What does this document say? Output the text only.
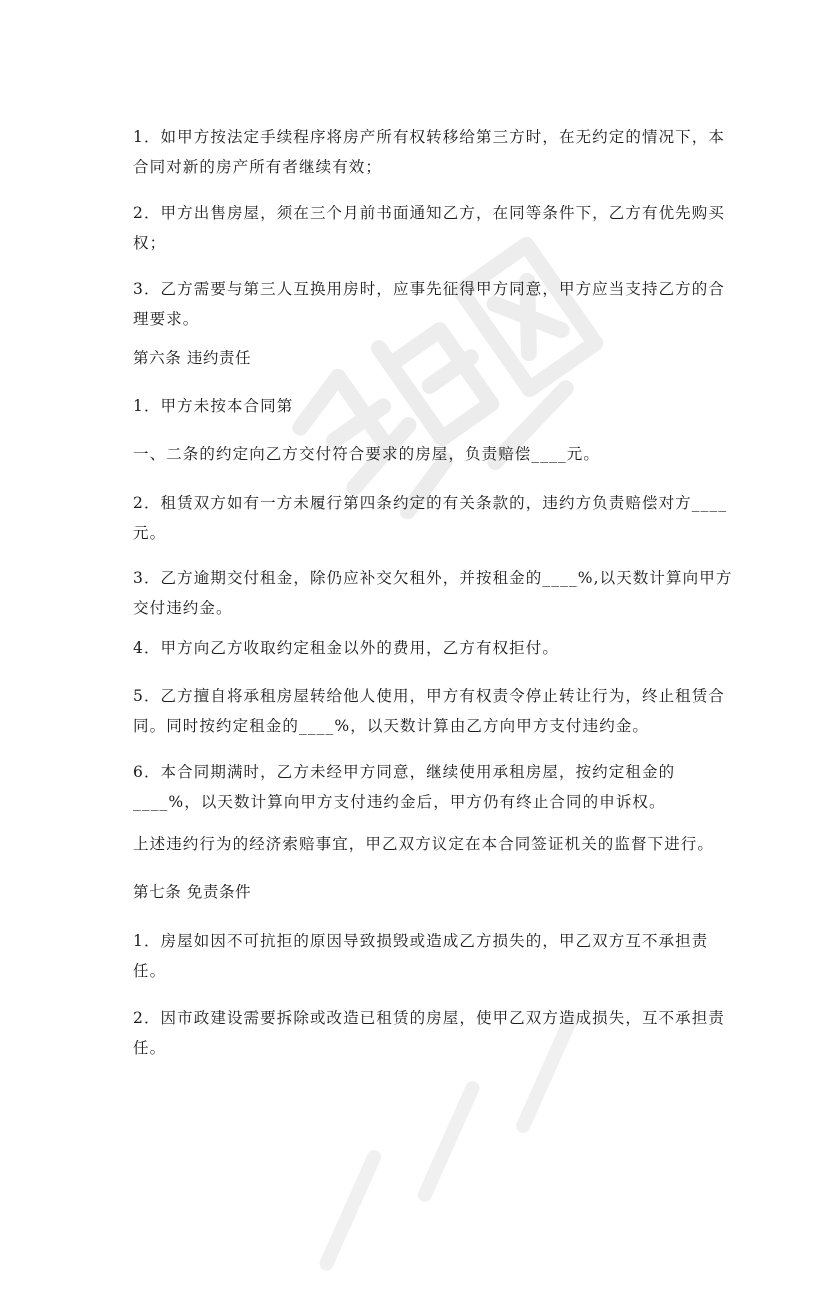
1．如甲方按法定手续程序将房产所有权转移给第三方时，在无约定的情况下，本合同对新的房产所有者继续有效；

2．甲方出售房屋，须在三个月前书面通知乙方，在同等条件下，乙方有优先购买权；

3．乙方需要与第三人互换用房时，应事先征得甲方同意，甲方应当支持乙方的合理要求。

第六条 违约责任

1．甲方未按本合同第

一、二条的约定向乙方交付符合要求的房屋，负责赔偿____元。

2．租赁双方如有一方未履行第四条约定的有关条款的，违约方负责赔偿对方____元。

3．乙方逾期交付租金，除仍应补交欠租外，并按租金的____%,以天数计算向甲方交付违约金。

4．甲方向乙方收取约定租金以外的费用，乙方有权拒付。

5．乙方擅自将承租房屋转给他人使用，甲方有权责令停止转让行为，终止租赁合同。同时按约定租金的____%，以天数计算由乙方向甲方支付违约金。

6．本合同期满时，乙方未经甲方同意，继续使用承租房屋，按约定租金的____%，以天数计算向甲方支付违约金后，甲方仍有终止合同的申诉权。

上述违约行为的经济索赔事宜，甲乙双方议定在本合同签证机关的监督下进行。

第七条 免责条件

1．房屋如因不可抗拒的原因导致损毁或造成乙方损失的，甲乙双方互不承担责任。

2．因市政建设需要拆除或改造已租赁的房屋，使甲乙双方造成损失，互不承担责任。
